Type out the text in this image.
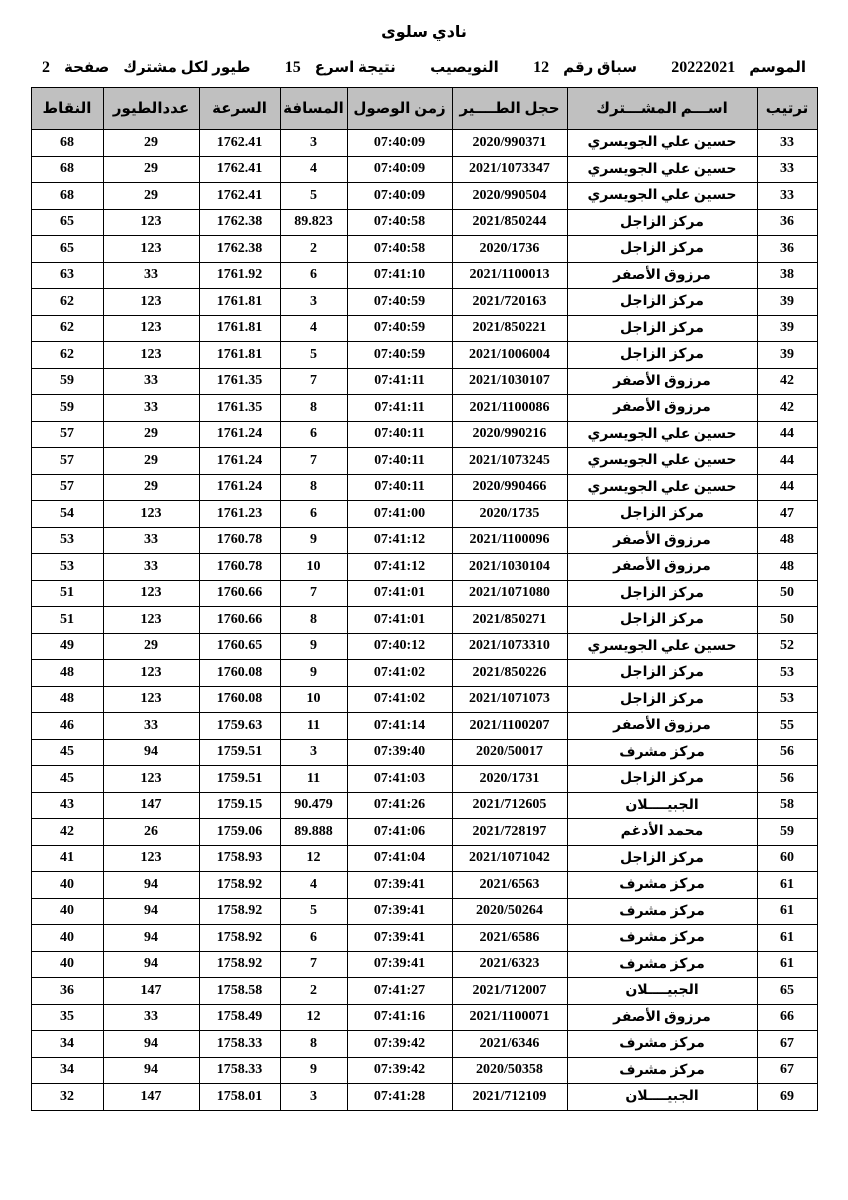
نادي سلوى
الموسم
20222021
سباق رقم
12
النويصيب
نتيجة اسرع
15
طيور لكل مشترك
صفحة
2
ترتيب	اســـم المشـــترك	حجل الطــــير	زمن الوصول	المسافة	السرعة	عددالطيور	النقاط
33	حسين علي الجويسري	2020/990371	07:40:09	3	1762.41	29	68
33	حسين علي الجويسري	2021/1073347	07:40:09	4	1762.41	29	68
33	حسين علي الجويسري	2020/990504	07:40:09	5	1762.41	29	68
36	مركز الزاجل	2021/850244	07:40:58	89.823	1762.38	123	65
36	مركز الزاجل	2020/1736	07:40:58	2	1762.38	123	65
38	مرزوق الأصفر	2021/1100013	07:41:10	6	1761.92	33	63
39	مركز الزاجل	2021/720163	07:40:59	3	1761.81	123	62
39	مركز الزاجل	2021/850221	07:40:59	4	1761.81	123	62
39	مركز الزاجل	2021/1006004	07:40:59	5	1761.81	123	62
42	مرزوق الأصفر	2021/1030107	07:41:11	7	1761.35	33	59
42	مرزوق الأصفر	2021/1100086	07:41:11	8	1761.35	33	59
44	حسين علي الجويسري	2020/990216	07:40:11	6	1761.24	29	57
44	حسين علي الجويسري	2021/1073245	07:40:11	7	1761.24	29	57
44	حسين علي الجويسري	2020/990466	07:40:11	8	1761.24	29	57
47	مركز الزاجل	2020/1735	07:41:00	6	1761.23	123	54
48	مرزوق الأصفر	2021/1100096	07:41:12	9	1760.78	33	53
48	مرزوق الأصفر	2021/1030104	07:41:12	10	1760.78	33	53
50	مركز الزاجل	2021/1071080	07:41:01	7	1760.66	123	51
50	مركز الزاجل	2021/850271	07:41:01	8	1760.66	123	51
52	حسين علي الجويسري	2021/1073310	07:40:12	9	1760.65	29	49
53	مركز الزاجل	2021/850226	07:41:02	9	1760.08	123	48
53	مركز الزاجل	2021/1071073	07:41:02	10	1760.08	123	48
55	مرزوق الأصفر	2021/1100207	07:41:14	11	1759.63	33	46
56	مركز مشرف	2020/50017	07:39:40	3	1759.51	94	45
56	مركز الزاجل	2020/1731	07:41:03	11	1759.51	123	45
58	الجبيــــلان	2021/712605	07:41:26	90.479	1759.15	147	43
59	محمد الأدغم	2021/728197	07:41:06	89.888	1759.06	26	42
60	مركز الزاجل	2021/1071042	07:41:04	12	1758.93	123	41
61	مركز مشرف	2021/6563	07:39:41	4	1758.92	94	40
61	مركز مشرف	2020/50264	07:39:41	5	1758.92	94	40
61	مركز مشرف	2021/6586	07:39:41	6	1758.92	94	40
61	مركز مشرف	2021/6323	07:39:41	7	1758.92	94	40
65	الجبيــــلان	2021/712007	07:41:27	2	1758.58	147	36
66	مرزوق الأصفر	2021/1100071	07:41:16	12	1758.49	33	35
67	مركز مشرف	2021/6346	07:39:42	8	1758.33	94	34
67	مركز مشرف	2020/50358	07:39:42	9	1758.33	94	34
69	الجبيــــلان	2021/712109	07:41:28	3	1758.01	147	32
